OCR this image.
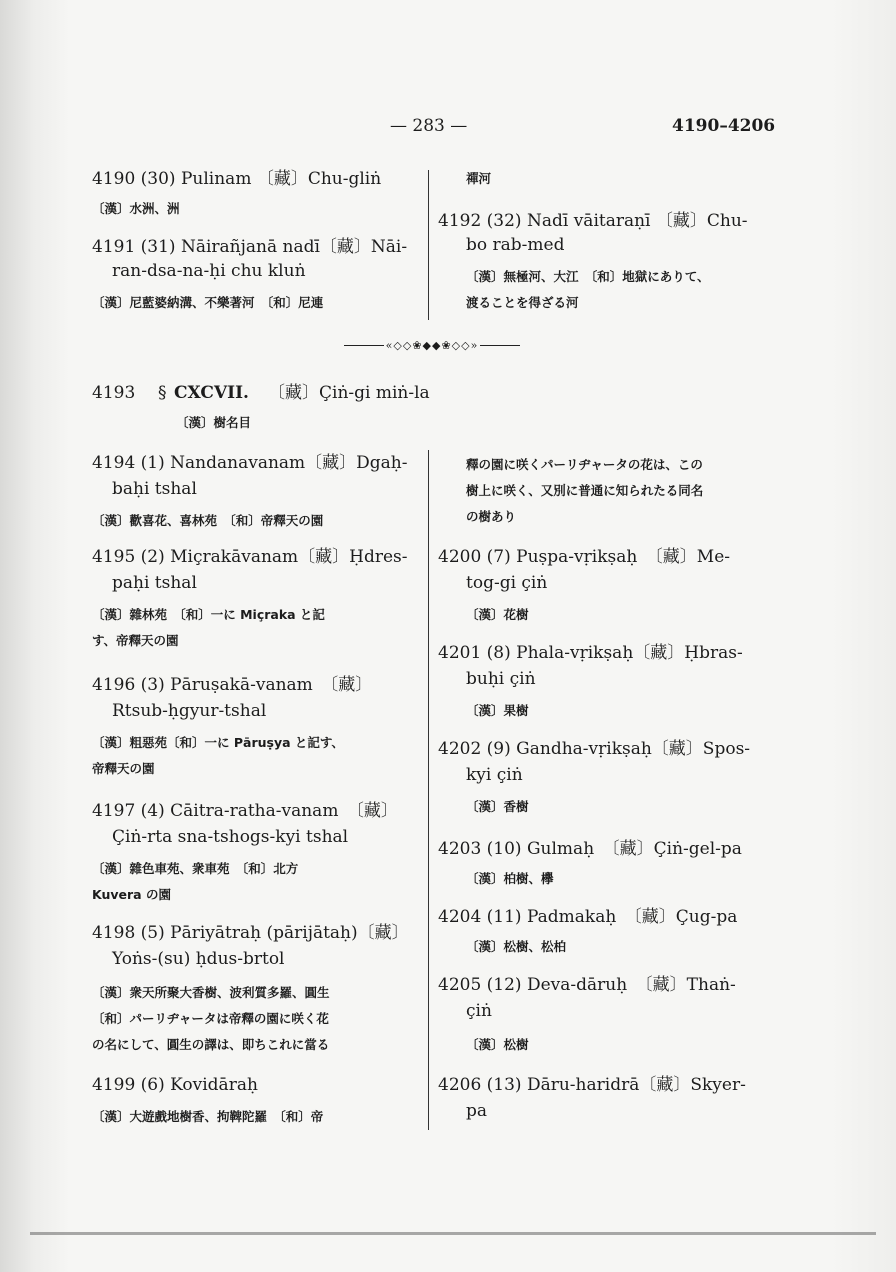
— 283 —	4190–4206
4190 (30) Pulinam 〔藏〕Chu-gliṅ
〔漢〕水洲、洲
4191 (31) Nāirañjanā nadī〔藏〕Nāi-
ran-dsa-na-ḥi chu kluṅ
〔漢〕尼藍婆納溝、不樂著河　〔和〕尼連
禪河
4192 (32) Nadī vāitaraṇī 〔藏〕Chu-
bo rab-med
〔漢〕無極河、大江　〔和〕地獄にありて、
渡ることを得ざる河
«◇◇❀◆◆❀◇◇»
4193 § CXCVII. 〔藏〕Çiṅ-gi miṅ-la
〔漢〕樹名目
4194 (1) Nandanavanam〔藏〕Dgaḥ-
baḥi tshal
〔漢〕歡喜花、喜林苑　〔和〕帝釋天の園
4195 (2) Miçrakāvanam〔藏〕Ḥdres-
paḥi tshal
〔漢〕雜林苑　〔和〕一に Miçraka と記
す、帝釋天の園
4196 (3) Pāruṣakā-vanam　〔藏〕
Rtsub-ḥgyur-tshal
〔漢〕粗惡苑〔和〕一に Pāruṣya と記す、
帝釋天の園
4197 (4) Cāitra-ratha-vanam　〔藏〕
Çiṅ-rta sna-tshogs-kyi tshal
〔漢〕雜色車苑、衆車苑　〔和〕北方
Kuvera の園
4198 (5) Pāriyātraḥ (pārijātaḥ)〔藏〕
Yoṅs-(su) ḥdus-brtol
〔漢〕衆天所聚大香樹、波利質多羅、圓生
〔和〕パーリヂャータは帝釋の園に咲く花
の名にして、圓生の譯は、即ちこれに當る
4199 (6) Kovidāraḥ
〔漢〕大遊戲地樹香、拘鞞陀羅　〔和〕帝
釋の園に咲くパーリヂャータの花は、この
樹上に咲く、又別に普通に知られたる同名
の樹あり
4200 (7) Puṣpa-vṛikṣaḥ　〔藏〕Me-
tog-gi çiṅ
〔漢〕花樹
4201 (8) Phala-vṛikṣaḥ〔藏〕Ḥbras-
buḥi çiṅ
〔漢〕果樹
4202 (9) Gandha-vṛikṣaḥ〔藏〕Spos-
kyi çiṅ
〔漢〕香樹
4203 (10) Gulmaḥ　〔藏〕Çiṅ-gel-pa
〔漢〕柏樹、欅
4204 (11) Padmakaḥ　〔藏〕Çug-pa
〔漢〕松樹、松柏
4205 (12) Deva-dāruḥ　〔藏〕Thaṅ-
çiṅ
〔漢〕松樹
4206 (13) Dāru-haridrā〔藏〕Skyer-
pa
